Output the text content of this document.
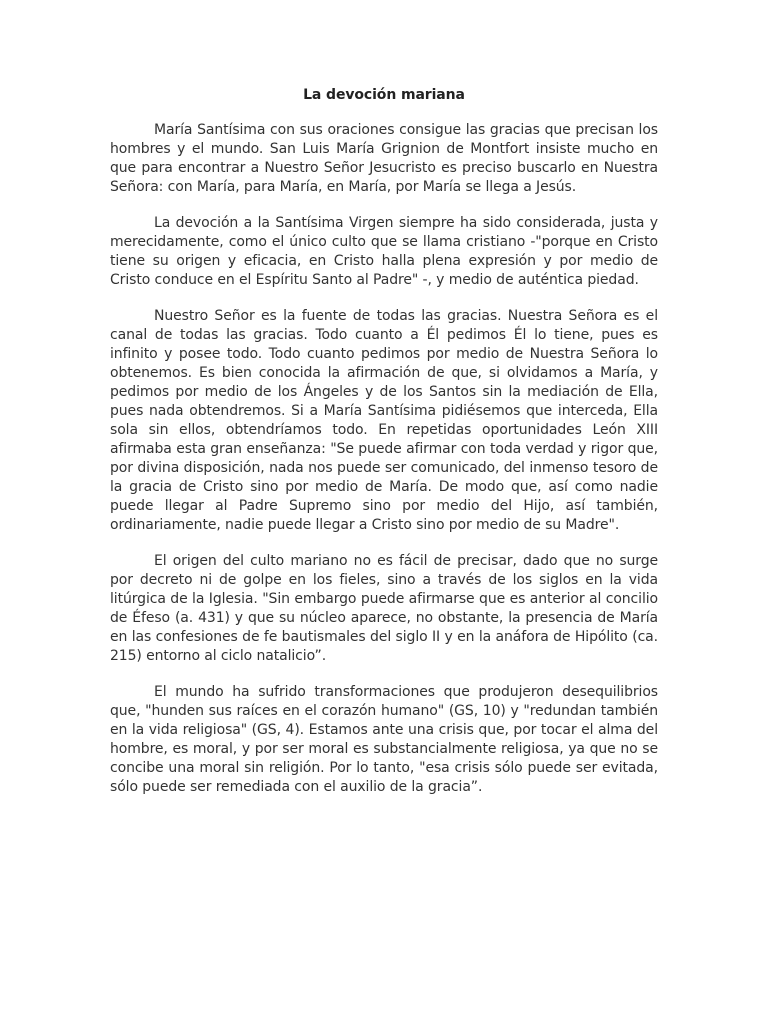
La devoción mariana

María Santísima con sus oraciones consigue las gracias que precisan los hombres y el mundo. San Luis María Grignion de Montfort insiste mucho en que para encontrar a Nuestro Señor Jesucristo es preciso buscarlo en Nuestra Señora: con María, para María, en María, por María se llega a Jesús.

La devoción a la Santísima Virgen siempre ha sido considerada, justa y merecidamente, como el único culto que se llama cristiano -"porque en Cristo tiene su origen y eficacia, en Cristo halla plena expresión y por medio de Cristo conduce en el Espíritu Santo al Padre" -, y medio de auténtica piedad.

Nuestro Señor es la fuente de todas las gracias. Nuestra Señora es el canal de todas las gracias. Todo cuanto a Él pedimos Él lo tiene, pues es infinito y posee todo. Todo cuanto pedimos por medio de Nuestra Señora lo obtenemos. Es bien conocida la afirmación de que, si olvidamos a María, y pedimos por medio de los Ángeles y de los Santos sin la mediación de Ella, pues nada obtendremos. Si a María Santísima pidiésemos que interceda, Ella sola sin ellos, obtendríamos todo. En repetidas oportunidades León XIII afirmaba esta gran enseñanza: "Se puede afirmar con toda verdad y rigor que, por divina disposición, nada nos puede ser comunicado, del inmenso tesoro de la gracia de Cristo sino por medio de María. De modo que, así como nadie puede llegar al Padre Supremo sino por medio del Hijo, así también, ordinariamente, nadie puede llegar a Cristo sino por medio de su Madre".

El origen del culto mariano no es fácil de precisar, dado que no surge por decreto ni de golpe en los fieles, sino a través de los siglos en la vida litúrgica de la Iglesia. "Sin embargo puede afirmarse que es anterior al concilio de Éfeso (a. 431) y que su núcleo aparece, no obstante, la presencia de María en las confesiones de fe bautismales del siglo II y en la anáfora de Hipólito (ca. 215) entorno al ciclo natalicio”.

El mundo ha sufrido transformaciones que produjeron desequilibrios que, "hunden sus raíces en el corazón humano" (GS, 10) y "redundan también en la vida religiosa" (GS, 4). Estamos ante una crisis que, por tocar el alma del hombre, es moral, y por ser moral es substancialmente religiosa, ya que no se concibe una moral sin religión. Por lo tanto, "esa crisis sólo puede ser evitada, sólo puede ser remediada con el auxilio de la gracia”.
